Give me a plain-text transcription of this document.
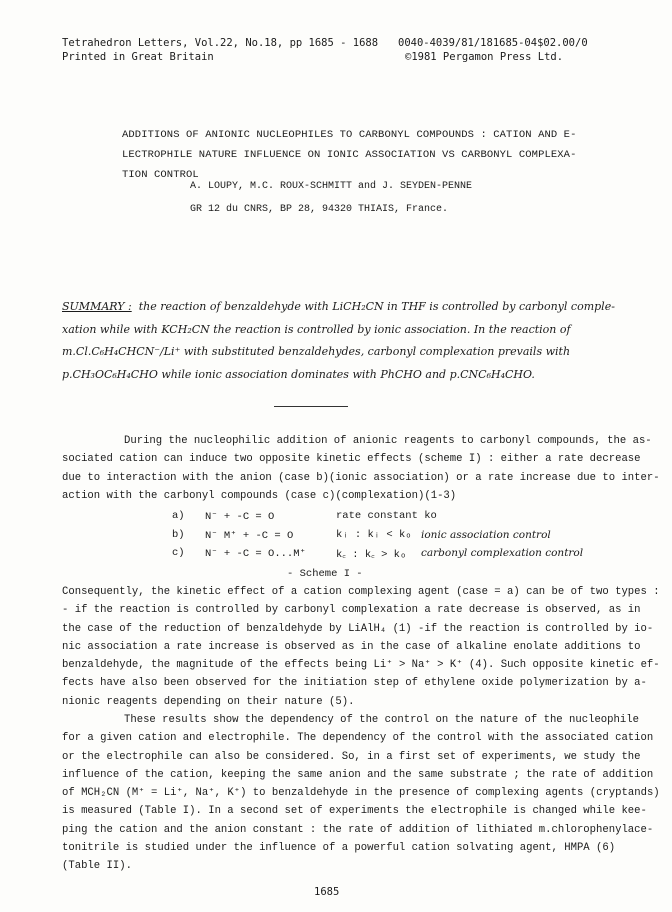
Tetrahedron Letters, Vol.22, No.18, pp 1685 - 1688
Printed in Great Britain
0040-4039/81/181685-04$02.00/0
©1981 Pergamon Press Ltd.
ADDITIONS OF ANIONIC NUCLEOPHILES TO CARBONYL COMPOUNDS : CATION AND E-
LECTROPHILE NATURE INFLUENCE ON IONIC ASSOCIATION VS CARBONYL COMPLEXA-
TION CONTROL
A. LOUPY, M.C. ROUX-SCHMITT and J. SEYDEN-PENNE
GR 12 du CNRS, BP 28, 94320 THIAIS, France.
SUMMARY : the reaction of benzaldehyde with LiCH₂CN in THF is controlled by carbonyl comple-
xation while with KCH₂CN the reaction is controlled by ionic association. In the reaction of
m.Cl.C₆H₄CHCN⁻/Li⁺ with substituted benzaldehydes, carbonyl complexation prevails with
p.CH₃OC₆H₄CHO while ionic association dominates with PhCHO and p.CNC₆H₄CHO.
During the nucleophilic addition of anionic reagents to carbonyl compounds, the as-
sociated cation can induce two opposite kinetic effects (scheme I) : either a rate decrease
due to interaction with the anion (case b)(ionic association) or a rate increase due to inter-
action with the carbonyl compounds (case c)(complexation)(1-3)
a) N⁻ + -C = O	rate constant ko
b) N⁻ M⁺ + -C = O	kᵢ : kᵢ < kₒ ionic association control
c) N⁻ + -C = O...M⁺	k꜀ : k꜀ > kₒ carbonyl complexation control
- Scheme I -
Consequently, the kinetic effect of a cation complexing agent (case = a) can be of two types :
- if the reaction is controlled by carbonyl complexation a rate decrease is observed, as in
the case of the reduction of benzaldehyde by LiAlH₄ (1) -if the reaction is controlled by io-
nic association a rate increase is observed as in the case of alkaline enolate additions to
benzaldehyde, the magnitude of the effects being Li⁺ > Na⁺ > K⁺ (4). Such opposite kinetic ef-
fects have also been observed for the initiation step of ethylene oxide polymerization by a-
nionic reagents depending on their nature (5).
These results show the dependency of the control on the nature of the nucleophile
for a given cation and electrophile. The dependency of the control with the associated cation
or the electrophile can also be considered. So, in a first set of experiments, we study the
influence of the cation, keeping the same anion and the same substrate ; the rate of addition
of MCH₂CN (M⁺ = Li⁺, Na⁺, K⁺) to benzaldehyde in the presence of complexing agents (cryptands)
is measured (Table I). In a second set of experiments the electrophile is changed while kee-
ping the cation and the anion constant : the rate of addition of lithiated m.chlorophenylace-
tonitrile is studied under the influence of a powerful cation solvating agent, HMPA (6)
(Table II).
1685
